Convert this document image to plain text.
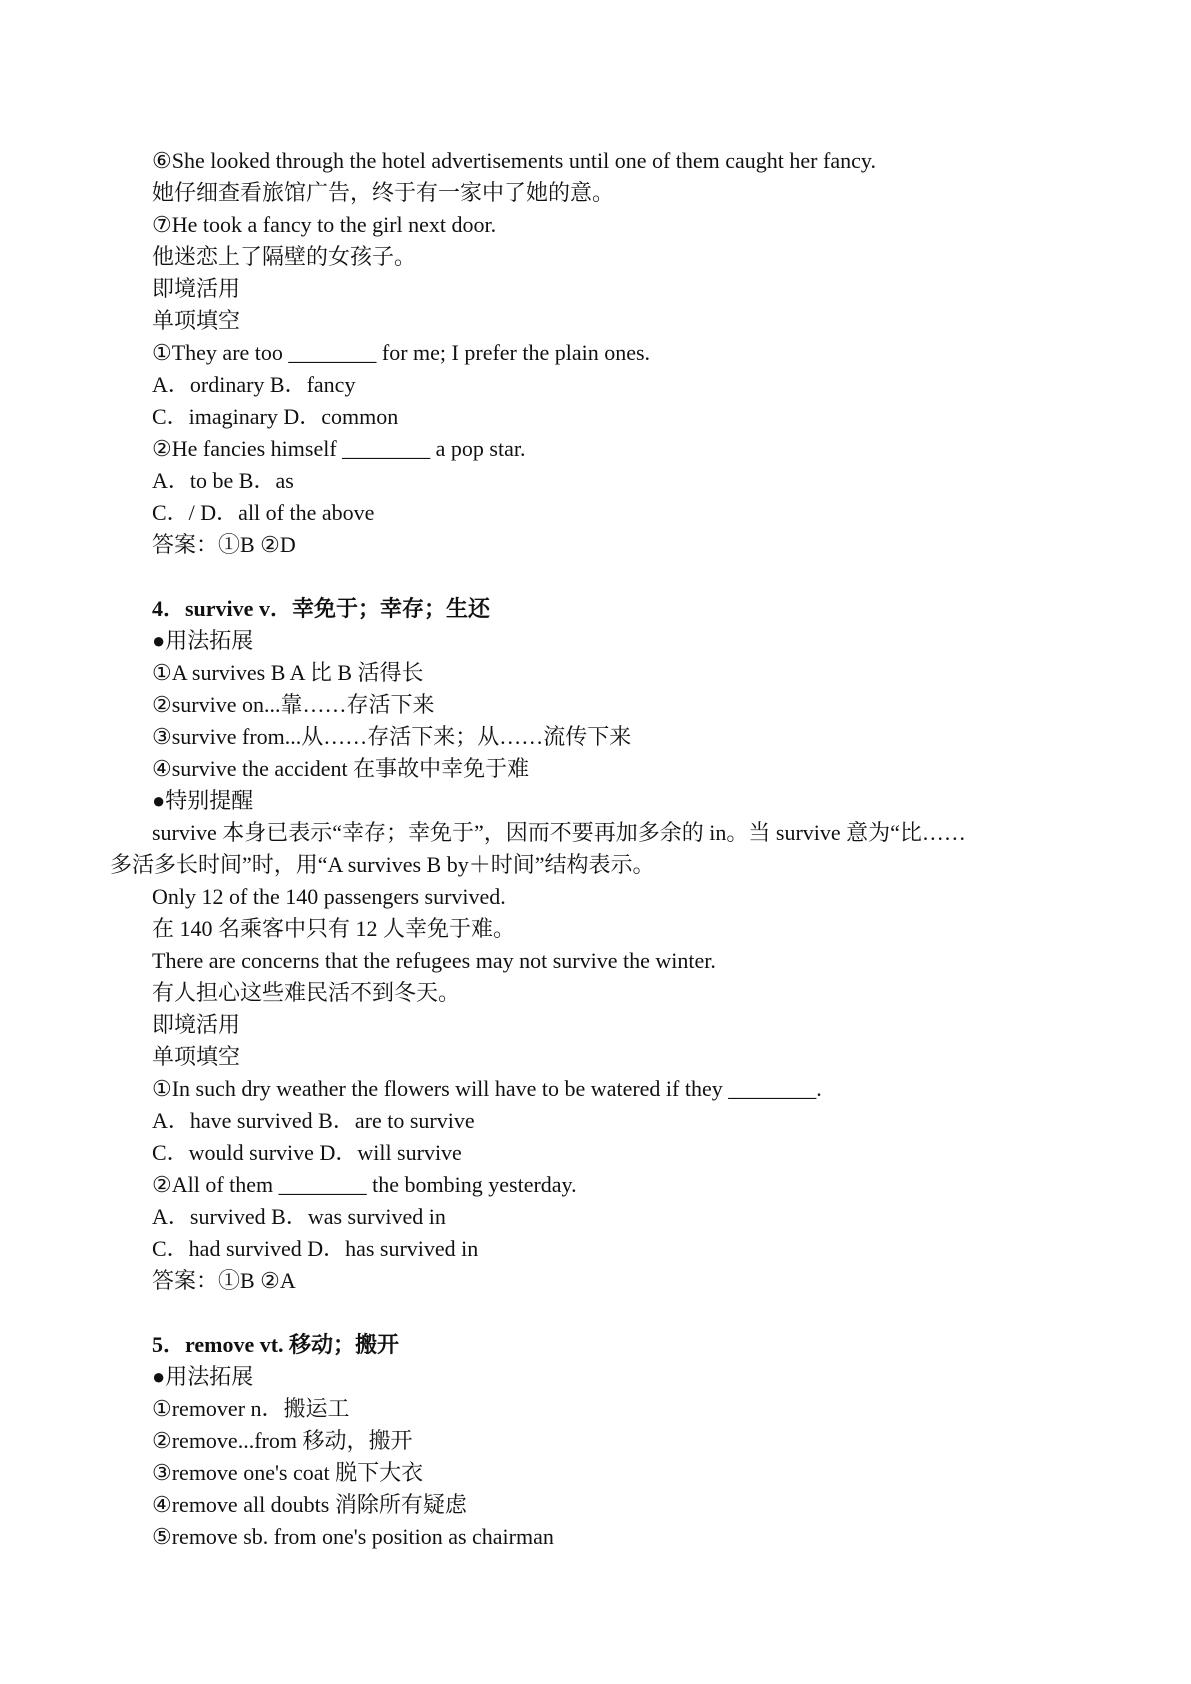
⑥She looked through the hotel advertisements until one of them caught her fancy.
她仔细查看旅馆广告，终于有一家中了她的意。
⑦He took a fancy to the girl next door.
他迷恋上了隔壁的女孩子。
即境活用
单项填空
①They are too ________ for me; I prefer the plain ones.
A．ordinary B．fancy
C．imaginary D．common
②He fancies himself ________ a pop star.
A．to be B．as
C．/ D．all of the above
答案：①B ②D
4．survive v．幸免于；幸存；生还
●用法拓展
①A survives B A 比 B 活得长
②survive on...靠……存活下来
③survive from...从……存活下来；从……流传下来
④survive the accident 在事故中幸免于难
●特别提醒
survive 本身已表示“幸存；幸免于”，因而不要再加多余的 in。当 survive 意为“比……
多活多长时间”时，用“A survives B by＋时间”结构表示。
Only 12 of the 140 passengers survived.
在 140 名乘客中只有 12 人幸免于难。
There are concerns that the refugees may not survive the winter.
有人担心这些难民活不到冬天。
即境活用
单项填空
①In such dry weather the flowers will have to be watered if they ________.
A．have survived B．are to survive
C．would survive D．will survive
②All of them ________ the bombing yesterday.
A．survived B．was survived in
C．had survived D．has survived in
答案：①B ②A
5．remove vt. 移动；搬开
●用法拓展
①remover n．搬运工
②remove...from 移动，搬开
③remove one's coat 脱下大衣
④remove all doubts 消除所有疑虑
⑤remove sb. from one's position as chairman
